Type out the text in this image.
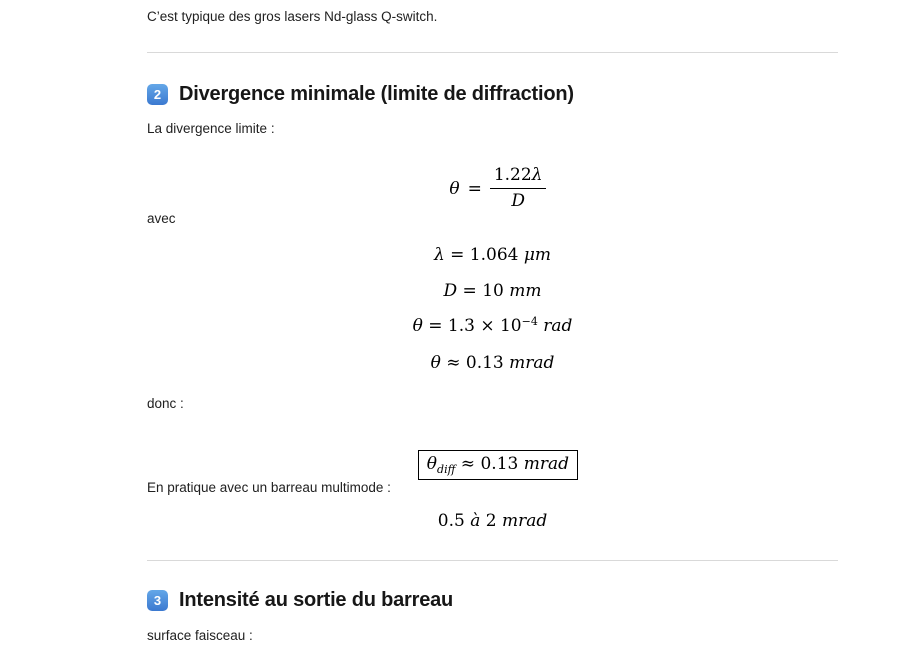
C’est typique des gros lasers Nd-glass Q-switch.
2 Divergence minimale (limite de diffraction)
La divergence limite :

$\theta = \frac{1.22\lambda}{D}$

avec
λ = 1.064 μm
D = 10 mm
$\theta = 1.3 \times 10^{-4}$ rad
θ ≈ 0.13 mrad
donc :

$\theta_{diff} \approx 0.13$ mrad

En pratique avec un barreau multimode :
0.5 à 2 mrad
3 Intensité au sortie du barreau
surface faisceau :
